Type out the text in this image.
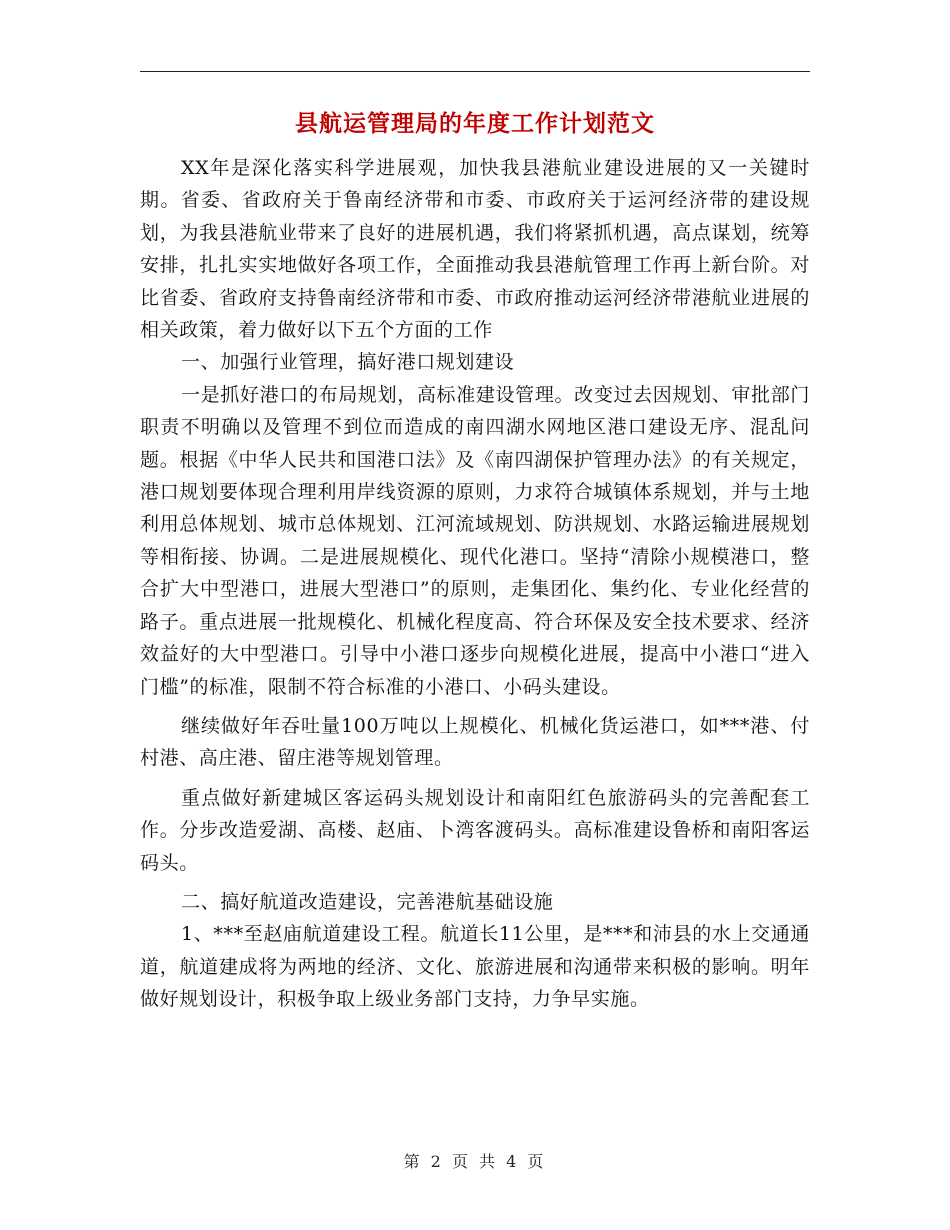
县航运管理局的年度工作计划范文

XX年是深化落实科学进展观，加快我县港航业建设进展的又一关键时期。省委、省政府关于鲁南经济带和市委、市政府关于运河经济带的建设规划，为我县港航业带来了良好的进展机遇，我们将紧抓机遇，高点谋划，统筹安排，扎扎实实地做好各项工作，全面推动我县港航管理工作再上新台阶。对比省委、省政府支持鲁南经济带和市委、市政府推动运河经济带港航业进展的相关政策，着力做好以下五个方面的工作

一、加强行业管理，搞好港口规划建设

一是抓好港口的布局规划，高标准建设管理。改变过去因规划、审批部门职责不明确以及管理不到位而造成的南四湖水网地区港口建设无序、混乱问题。根据《中华人民共和国港口法》及《南四湖保护管理办法》的有关规定，港口规划要体现合理利用岸线资源的原则，力求符合城镇体系规划，并与土地利用总体规划、城市总体规划、江河流域规划、防洪规划、水路运输进展规划等相衔接、协调。二是进展规模化、现代化港口。坚持“清除小规模港口，整合扩大中型港口，进展大型港口”的原则，走集团化、集约化、专业化经营的路子。重点进展一批规模化、机械化程度高、符合环保及安全技术要求、经济效益好的大中型港口。引导中小港口逐步向规模化进展，提高中小港口“进入门槛”的标准，限制不符合标准的小港口、小码头建设。

继续做好年吞吐量100万吨以上规模化、机械化货运港口，如***港、付村港、高庄港、留庄港等规划管理。

重点做好新建城区客运码头规划设计和南阳红色旅游码头的完善配套工作。分步改造爱湖、高楼、赵庙、卜湾客渡码头。高标准建设鲁桥和南阳客运码头。

二、搞好航道改造建设，完善港航基础设施

1、***至赵庙航道建设工程。航道长11公里，是***和沛县的水上交通通道，航道建成将为两地的经济、文化、旅游进展和沟通带来积极的影响。明年做好规划设计，积极争取上级业务部门支持，力争早实施。

第 2 页 共 4 页
